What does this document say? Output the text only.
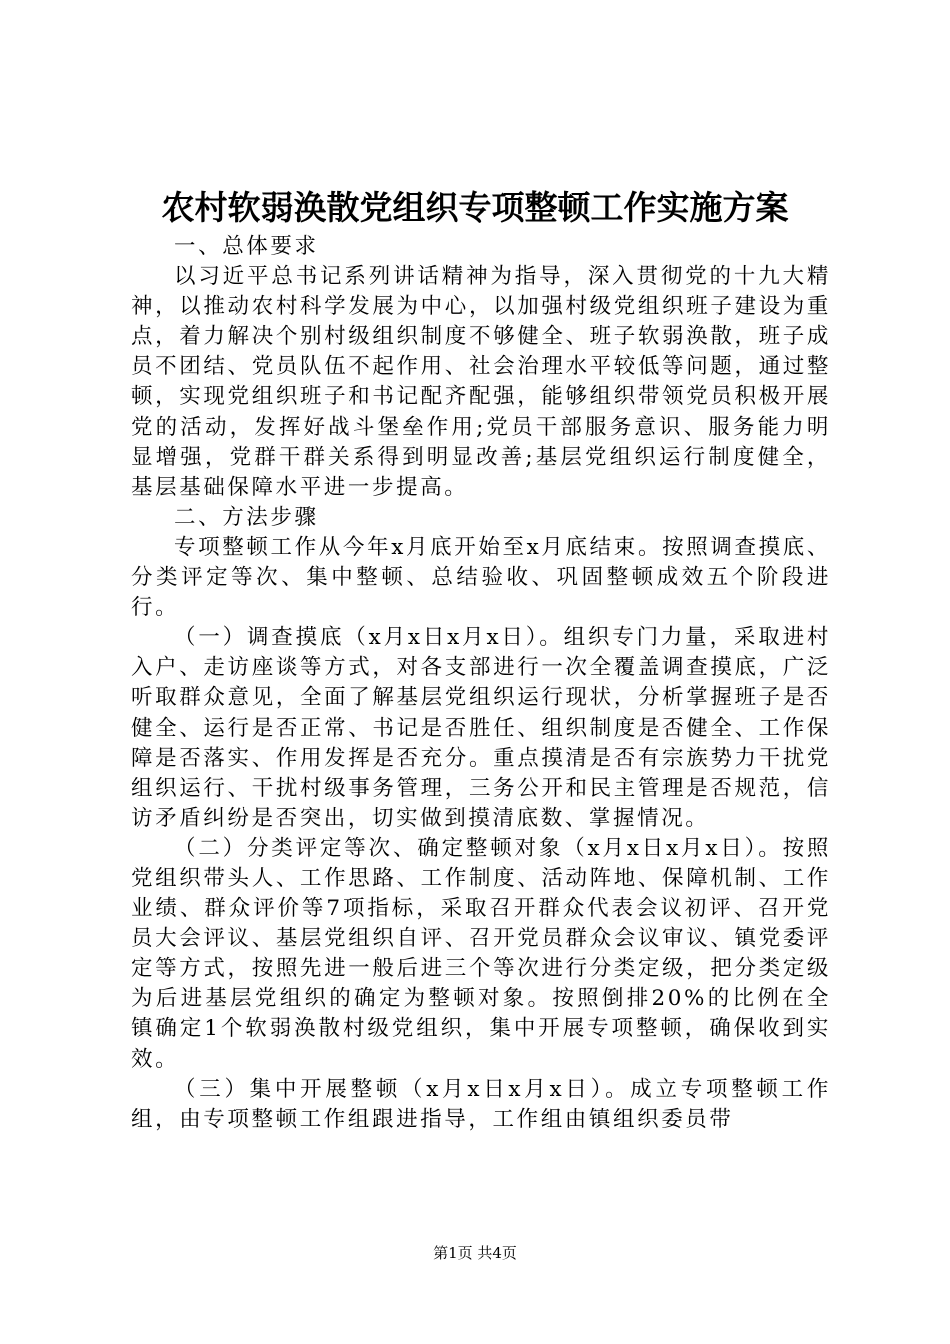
农村软弱涣散党组织专项整顿工作实施方案

一、总体要求

以习近平总书记系列讲话精神为指导，深入贯彻党的十九大精神，以推动农村科学发展为中心，以加强村级党组织班子建设为重点，着力解决个别村级组织制度不够健全、班子软弱涣散，班子成员不团结、党员队伍不起作用、社会治理水平较低等问题，通过整顿，实现党组织班子和书记配齐配强，能够组织带领党员积极开展党的活动，发挥好战斗堡垒作用;党员干部服务意识、服务能力明显增强，党群干群关系得到明显改善;基层党组织运行制度健全，基层基础保障水平进一步提高。

二、方法步骤

专项整顿工作从今年x月底开始至x月底结束。按照调查摸底、分类评定等次、集中整顿、总结验收、巩固整顿成效五个阶段进行。

（一）调查摸底（x月x日x月x日）。组织专门力量，采取进村入户、走访座谈等方式，对各支部进行一次全覆盖调查摸底，广泛听取群众意见，全面了解基层党组织运行现状，分析掌握班子是否健全、运行是否正常、书记是否胜任、组织制度是否健全、工作保障是否落实、作用发挥是否充分。重点摸清是否有宗族势力干扰党组织运行、干扰村级事务管理，三务公开和民主管理是否规范，信访矛盾纠纷是否突出，切实做到摸清底数、掌握情况。

（二）分类评定等次、确定整顿对象（x月x日x月x日）。按照党组织带头人、工作思路、工作制度、活动阵地、保障机制、工作业绩、群众评价等7项指标，采取召开群众代表会议初评、召开党员大会评议、基层党组织自评、召开党员群众会议审议、镇党委评定等方式，按照先进一般后进三个等次进行分类定级，把分类定级为后进基层党组织的确定为整顿对象。按照倒排20%的比例在全镇确定1个软弱涣散村级党组织，集中开展专项整顿，确保收到实效。

（三）集中开展整顿（x月x日x月x日）。成立专项整顿工作组，由专项整顿工作组跟进指导，工作组由镇组织委员带

第1页 共4页
